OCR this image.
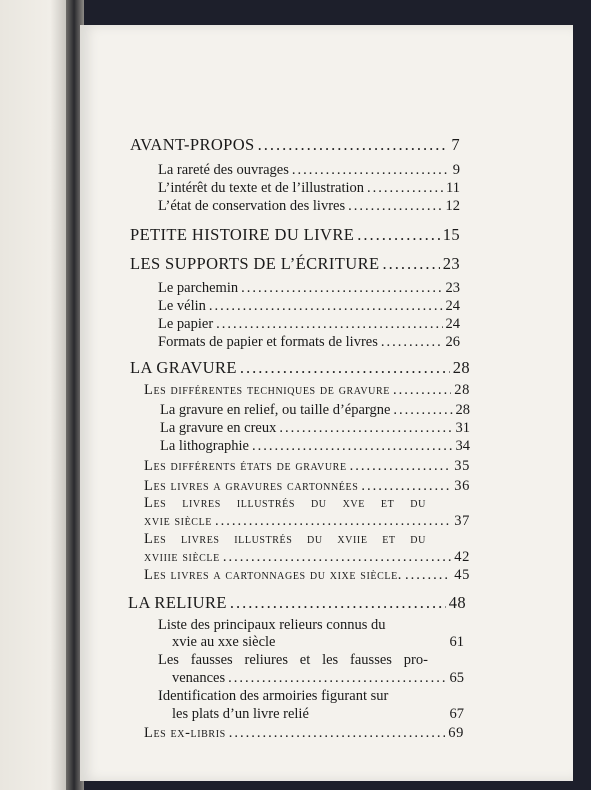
AVANT-PROPOS .....	7
La rareté des ouvrages .....	9
L’intérêt du texte et de l’illustration .....	11
L’état de conservation des livres .....	12
PETITE HISTOIRE DU LIVRE .....	15
LES SUPPORTS DE L’ÉCRITURE .....	23
Le parchemin .....	23
Le vélin .....	24
Le papier .....	24
Formats de papier et formats de livres .....	26
LA GRAVURE .....	28
Les différentes techniques de gravure .....	28
La gravure en relief, ou taille d’épargne .....	28
La gravure en creux .....	31
La lithographie .....	34
Les différents états de gravure .....	35
Les livres a gravures cartonnées .....	36
Les livres illustrés du xve et du
xvie siècle .....	37
Les livres illustrés du xviie et du
xviiie siècle .....	42
Les livres a cartonnages du xixe siècle. .....	45
LA RELIURE .....	48
Liste des principaux relieurs connus du
xvie au xxe siècle	61
Les fausses reliures et les fausses pro-
venances .....	65
Identification des armoiries figurant sur
les plats d’un livre relié	67
Les ex-libris .....	69
